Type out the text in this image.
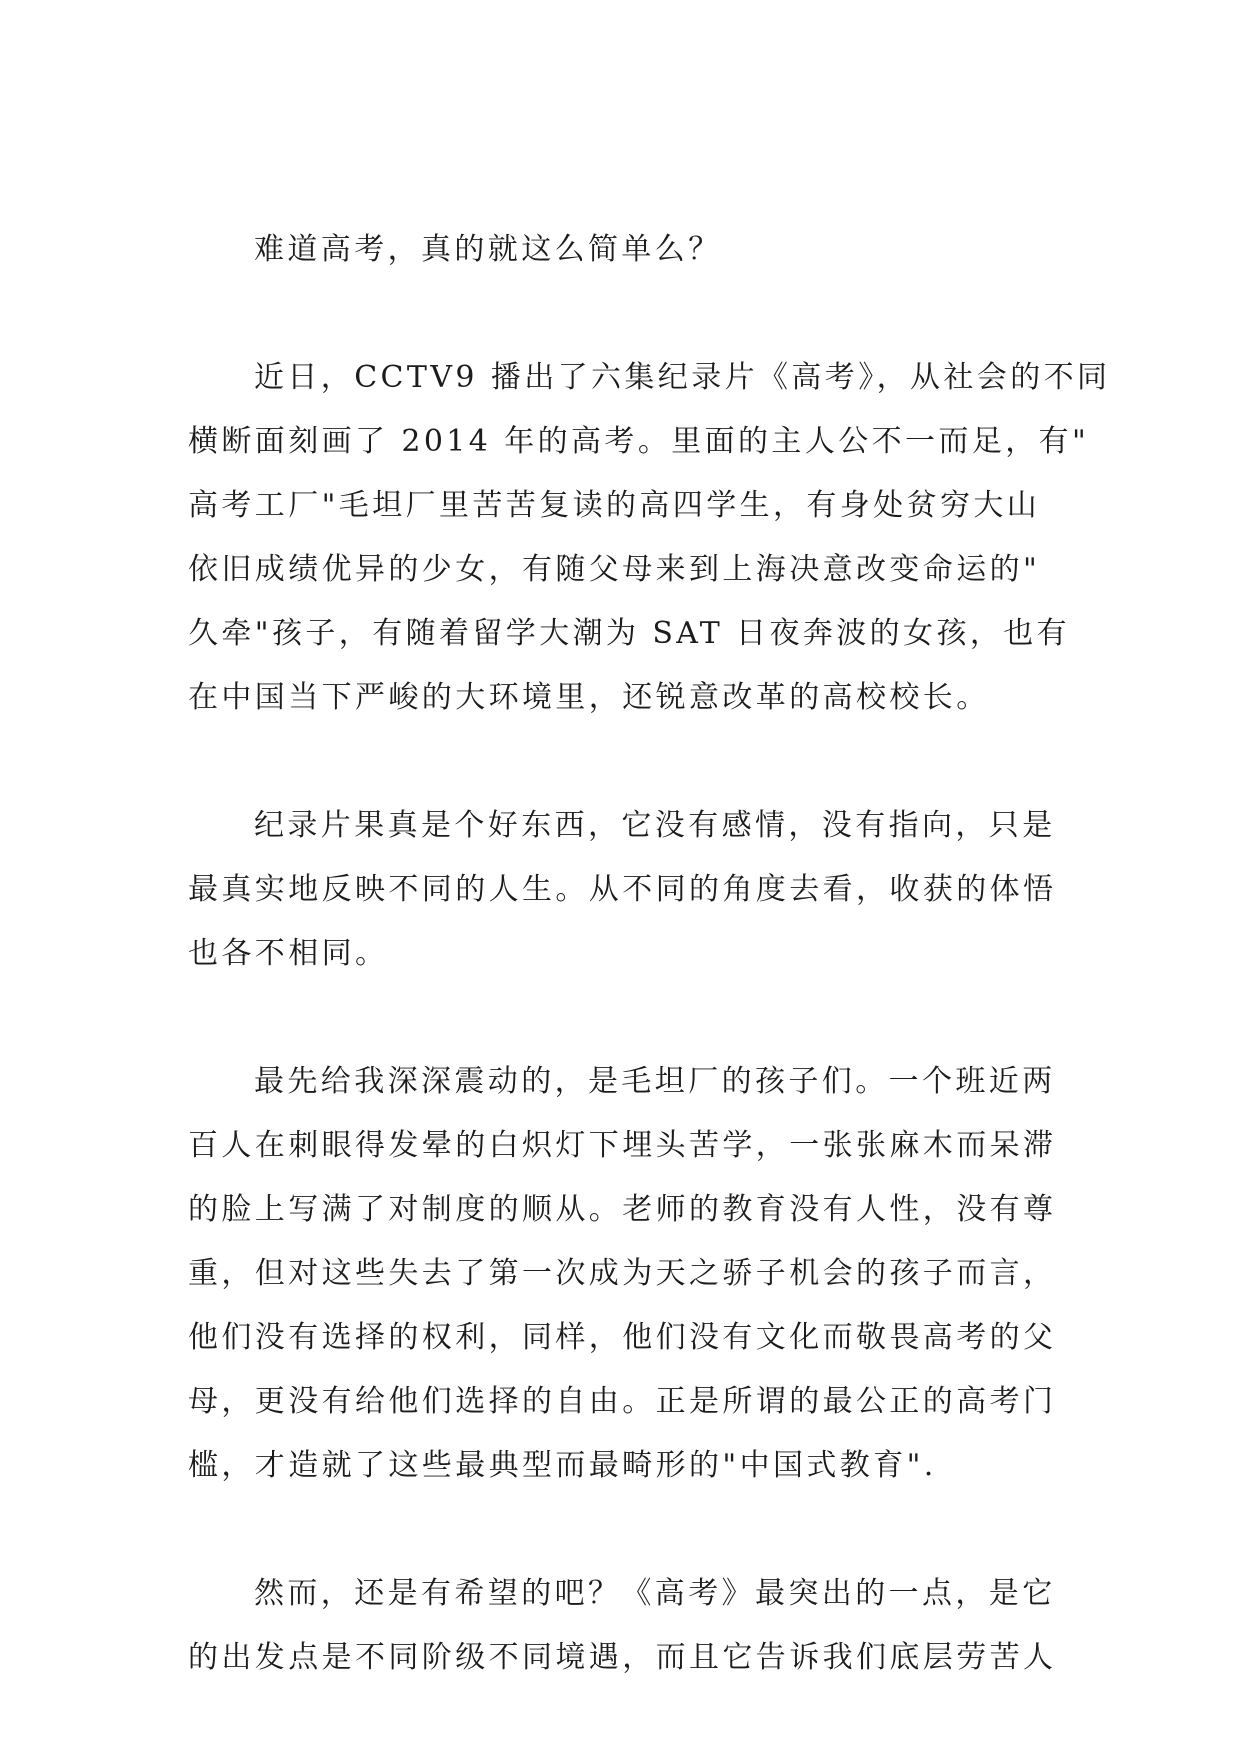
难道高考，真的就这么简单么？
近日，CCTV9 播出了六集纪录片《高考》，从社会的不同
横断面刻画了 2014 年的高考。里面的主人公不一而足，有"
高考工厂"毛坦厂里苦苦复读的高四学生，有身处贫穷大山
依旧成绩优异的少女，有随父母来到上海决意改变命运的"
久牵"孩子，有随着留学大潮为 SAT 日夜奔波的女孩，也有
在中国当下严峻的大环境里，还锐意改革的高校校长。
纪录片果真是个好东西，它没有感情，没有指向，只是
最真实地反映不同的人生。从不同的角度去看，收获的体悟
也各不相同。
最先给我深深震动的，是毛坦厂的孩子们。一个班近两
百人在刺眼得发晕的白炽灯下埋头苦学，一张张麻木而呆滞
的脸上写满了对制度的顺从。老师的教育没有人性，没有尊
重，但对这些失去了第一次成为天之骄子机会的孩子而言，
他们没有选择的权利，同样，他们没有文化而敬畏高考的父
母，更没有给他们选择的自由。正是所谓的最公正的高考门
槛，才造就了这些最典型而最畸形的"中国式教育".
然而，还是有希望的吧？《高考》最突出的一点，是它
的出发点是不同阶级不同境遇，而且它告诉我们底层劳苦人
